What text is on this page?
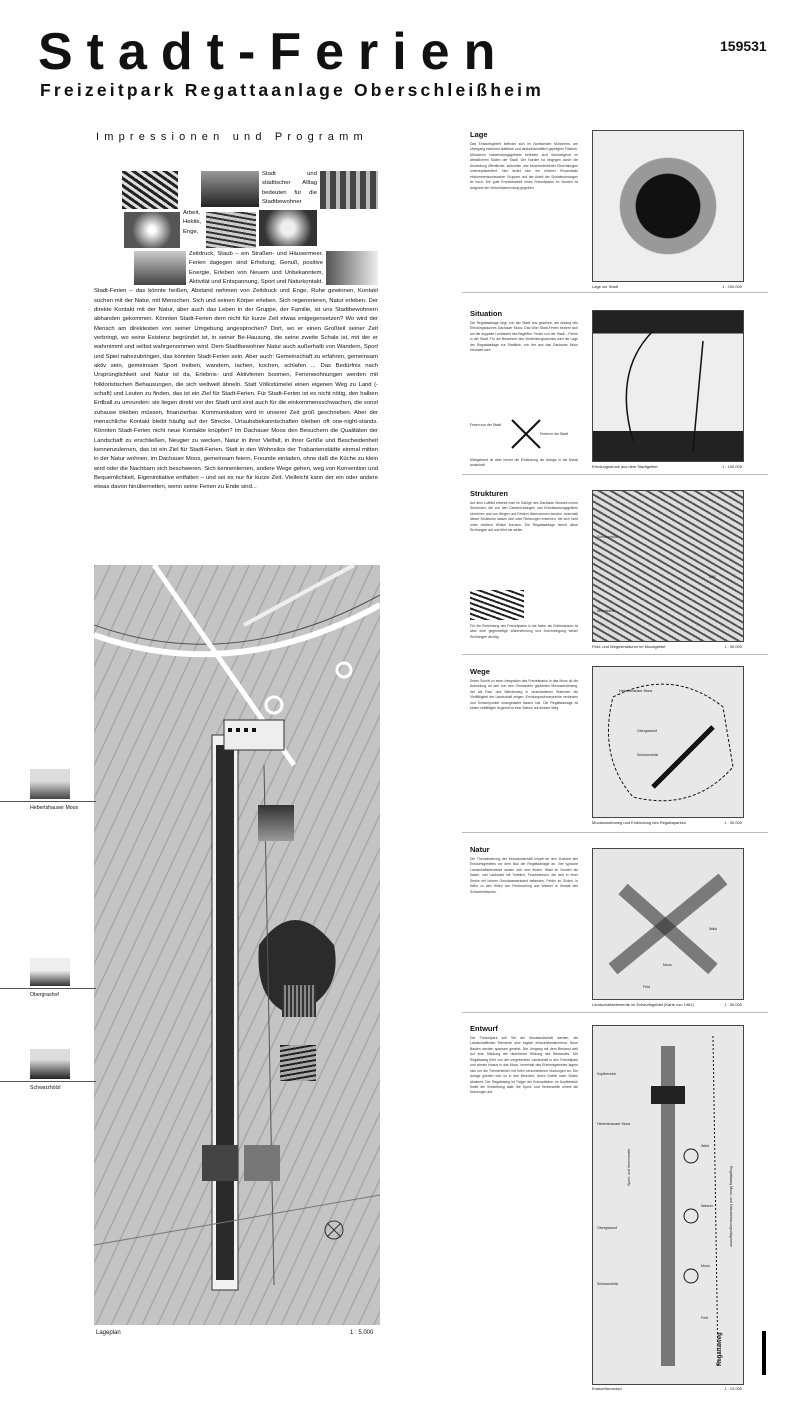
Stadt-Ferien
Freizeitpark Regattaanlage Oberschleißheim
159531
Impressionen und Programm
Stadt und städtischer Alltag bedeuten für die Stadtbewohner Arbeit, Hektik, Enge, Zeitdruck, Staub – ein Straßen- und Häusermeer. Ferien dagegen sind Erholung, Genuß, positive Energie, Erleben von Neuem und Unbekanntem, Aktivität und Entspannung, Sport und Naturkontakt. Stadt-Ferien – das könnte heißen, Abstand nehmen von Zeitdruck und Enge, Ruhe gewinnen, Kontakt suchen mit der Natur, mit Menschen. Sich und seinen Körper erleben. Sich regenerieren, Natur erleben. Der direkte Kontakt mit der Natur, aber auch das Leben in der Gruppe, der Familie, ist uns Stadtbewohnern abhanden gekommen. Könnten Stadt-Ferien dem nicht für kurze Zeit etwas entgegensetzen? Wo wird der Mensch am direktesten von seiner Umgebung angesprochen? Dort, wo er einen Großteil seiner Zeit verbringt, wo seine Existenz begründet ist, in seiner Be-Hausung, die seine zweite Schale ist, mit der er wahrnimmt und selbst wahrgenommen wird. Dem Stadtbewohner Natur auch außerhalb von Wandern, Sport und Spiel nahezubringen, das könnten Stadt-Ferien sein. Aber auch: Gemeinschaft zu erfahren, gemeinsam aktiv sein, gemeinsam Sport treiben, wandern, lachen, kochen, schlafen ... Das Bedürfnis nach Ursprünglichkeit und Natur ist da, Erlebnis- und Aktivferien boomen, Ferienwohnungen werden mit folkloristischen Behausungen, die sich weltweit ähneln. Statt Völkstümelei einen eigenen Weg zu Land (-schaft) und Leuten zu finden, das ist ein Ziel für Stadt-Ferien. Für Stadt-Ferien ist es nicht nötig, den halben Erdball zu umrunden: sie liegen direkt vor der Stadt und sind auch für die einkommensschwachen, die sonst zuhause bleiben müssen, finanzierbar. Kommunikation wird in unserer Zeit groß geschrieben. Aber der menschliche Kontakt bleibt häufig auf der Strecke. Urlaubsbekanntschaften bleiben oft one-night-stands. Könnten Stadt-Ferien nicht neue Kontakte knüpfen? Im Dachauer Moos den Besuchern die Qualitäten der Landschaft zu erschließen, Neugier zu wecken, Natur in ihrer Vielfalt, in ihrer Größe und Bescheidenheit kennenzulernen, das ist ein Ziel für Stadt-Ferien. Statt in den Wohnsilos der Trabantenstädte einmal mitten in der Natur wohnen, im Dachauer Moos, gemeinsam feiern, Freunde einladen, ohne daß die Küche zu klein wird oder die Nachbarn sich beschweren. Sich kennenlernen, andere Wege gehen, weg von Konvention und Bequemlichkeit, Eigeninitiative entfalten – und sei es nur für kurze Zeit. Vielleicht kann der ein oder andere etwas davon hinübernetten, wenn seine Ferien zu Ende sind...
Lageplan	1 : 5.000
Hebertshauser Moos
Obergrashof
Schwarzhölzl
Lage
Das Entwurfsgebiet befindet sich im Nordwesten Münchens, am Übergang zwischen städtisch und landwirtschaftlich geprägten Flächen. Münchens Naherholungsgebiete befinden sich überwiegend im attraktiveren Süden der Stadt. Der Norden ist hingegen durch die Ansiedlung öffentlicher, kultureller und freizeitorientierter Einrichtungen unterrepräsentiert. Hier findet sich ein höherer Prozentsatz einkommensschwacher Gruppen und der Anteil der Sozialwohnungen ist hoch. Die gute Erreichbarkeit eines Freizeitparks im Norden ist aufgrund der Verkehrsanbindung gegeben.
Lage zur Stadt	1 : 200.000
Situation
Die Regattaanlage liegt, von der Stadt aus gesehen, am Anfang des Erholungsraumes Dachauer Moos. Das Wort Stadt-Ferien bezieht sich auf die doppelte Lesbarkeit des Begriffes: Ferien von der Stadt – Ferien in der Stadt. Für die Bewohner des Verdichtungsraumes wird die Lage der Regattaanlage zur Startlinie, von der aus das Dachauer Moos erkundet wird.
Ferien von der Stadt
Ferien in der Stadt
Maßgebend ist aber immer die Einbindung der Anlage in die Moosl andschaft	Erholungsdruck aus dem Stadtgebiet	1 : 100.000
Strukturen
Auf dem Luftbild erkennt man im Gefüge des Dachauer Mooses innere Strukturen, die von den Dammrichtungen und Entwässerungsgräben herrühren und von Wegen und Feldern übernommen werden. Innerhalb dieser Strukturen lassen sich zwei Richtungen erkennen, die sich nicht unter rechtem Winkel kreuzen. Die Regattaanlage nimmt diese Richtungen auf und führt sie weiter.
Für die Einbindung des Freizeitparks in die Natur als Erlebnisraum ist aber eine gegenseitige Wahrnehmung und Durchdringung beider Richtungen wichtig.
Schwarzhölzl
Würmkanal
A99
Feld- und Wegestrukturen im Mooagebiet	1 : 30.000
Wege
Erster Schritt zu einer Integration des Freizeitparks in das Moos ist die Anbindung an den von den Gemeinden geplanten Mooswanderweg, der als Rad- und Wanderweg in verschiedenen Stationen die Vielfältigkeit der Landschaft zeigen, Erholungsschwerpunkte verbinden und Schwerpunkte unangetastet lassen soll. Die Regattaanlage ist einem zeitfälligen Angebot ist eine Station auf diesem Weg.
Hebertshauser Moos
Obergrashof
Schwarzhölzl
Mooswanderweg und Einbindung des Regattaparkes	1 : 30.000
Natur
Die Thematisierung der Mooslandschaft knüpft an den Zustand des Entwurfsgebietes vor dem Bau der Regattaanlage an. Vier typische Landschaftselemente lassen sich dort finden: Wald im Norden als Nadel- und Laubwald mit Torfstich, Feuchtwiesen, die sich in einer Senke mit hohem Grundwasserstand befanden, Felder im Süden, in Nähe zu den Höfen von Feldmoching und Wasser in Gestalt des Schwebelbaches.
Wald
Moos
Feld
Landschaftselemente im Entwurfsgebiet (Karte von 1962)	1 : 30.000
Entwurf
Der Freizeitpark soll Teil der Mooslandschaft werden, die Landschaftlichen Elemente sind folglich entwurfsbestimmend. Neue Bauten werden sparsam gesetzt. Der Umgang mit dem Bestand zielt auf eine Stärkung der räumlichen Wirkung des Bestandes. Die Regattaweg führt von der umgebenden Landschaft in den Freizeitpark und wieder hinaus in das Moos. Innerhalb des Erlebnisgebietes lagern sich um die Themenfelder mit ihren verschiedenen Nutzungen an. Die Anlage gliedert sich so in drei Bereiche, deren Dichte nach Süden abnimmt: Der Regattaweg ist Träger der Entwurfsidee; im Kopfbereich findet die Verdichtung statt; die Sport- und Vereinsseite nimmt die Nutzungen auf.
Kopfbereich
Hebertshauser Moos
Wald
Wasser
Moos
Obergrashof
Schwarzhölzl
Feld
Sport- und Vereinsseite
Regattaweg
Regattaweg Moos- und Naturbebauungsdiagramm
Entwurfskonzept	1 : 10.000
